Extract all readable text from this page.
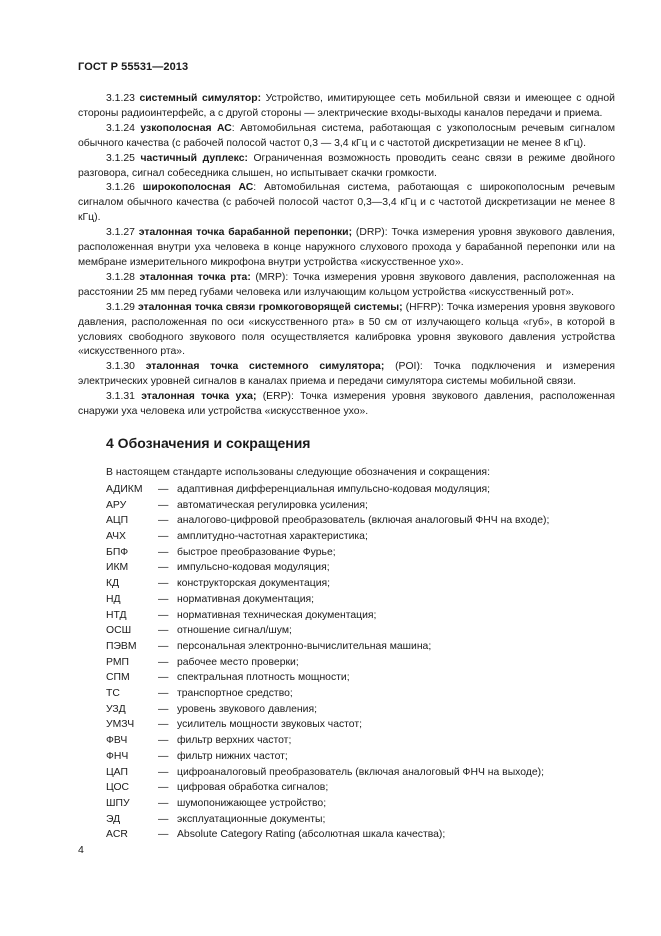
ГОСТ Р 55531—2013

3.1.23 системный симулятор: Устройство, имитирующее сеть мобильной связи и имеющее с одной стороны радиоинтерфейс, а с другой стороны — электрические входы-выходы каналов передачи и приема.

3.1.24 узкополосная АС: Автомобильная система, работающая с узкополосным речевым сигналом обычного качества (с рабочей полосой частот 0,3 — 3,4 кГц и с частотой дискретизации не менее 8 кГц).

3.1.25 частичный дуплекс: Ограниченная возможность проводить сеанс связи в режиме двойного разговора, сигнал собеседника слышен, но испытывает скачки громкости.

3.1.26 широкополосная АС: Автомобильная система, работающая с широкополосным речевым сигналом обычного качества (с рабочей полосой частот 0,3—3,4 кГц и с частотой дискретизации не менее 8 кГц).

3.1.27 эталонная точка барабанной перепонки; (DRP): Точка измерения уровня звукового давления, расположенная внутри уха человека в конце наружного слухового прохода у барабанной перепонки или на мембране измерительного микрофона внутри устройства «искусственное ухо».

3.1.28 эталонная точка рта: (MRP): Точка измерения уровня звукового давления, расположенная на расстоянии 25 мм перед губами человека или излучающим кольцом устройства «искусственный рот».

3.1.29 эталонная точка связи громкоговорящей системы; (HFRP): Точка измерения уровня звукового давления, расположенная по оси «искусственного рта» в 50 см от излучающего кольца «губ», в которой в условиях свободного звукового поля осуществляется калибровка уровня звукового давления устройства «искусственного рта».

3.1.30 эталонная точка системного симулятора; (POI): Точка подключения и измерения электрических уровней сигналов в каналах приема и передачи симулятора системы мобильной связи.

3.1.31 эталонная точка уха; (ERP): Точка измерения уровня звукового давления, расположенная снаружи уха человека или устройства «искусственное ухо».

4 Обозначения и сокращения
В настоящем стандарте использованы следующие обозначения и сокращения:
АДИКМ	— адаптивная дифференциальная импульсно-кодовая модуляция;
АРУ	— автоматическая регулировка усиления;
АЦП	— аналогово-цифровой преобразователь (включая аналоговый ФНЧ на входе);
АЧХ	— амплитудно-частотная характеристика;
БПФ	— быстрое преобразование Фурье;
ИКМ	— импульсно-кодовая модуляция;
КД	— конструкторская документация;
НД	— нормативная документация;
НТД	— нормативная техническая документация;
ОСШ	— отношение сигнал/шум;
ПЭВМ	— персональная электронно-вычислительная машина;
РМП	— рабочее место проверки;
СПМ	— спектральная плотность мощности;
ТС	— транспортное средство;
УЗД	— уровень звукового давления;
УМЗЧ	— усилитель мощности звуковых частот;
ФВЧ	— фильтр верхних частот;
ФНЧ	— фильтр нижних частот;
ЦАП	— цифроаналоговый преобразователь (включая аналоговый ФНЧ на выходе);
ЦОС	— цифровая обработка сигналов;
ШПУ	— шумопонижающее устройство;
ЭД	— эксплуатационные документы;
ACR	— Absolute Category Rating (абсолютная шкала качества);
4
